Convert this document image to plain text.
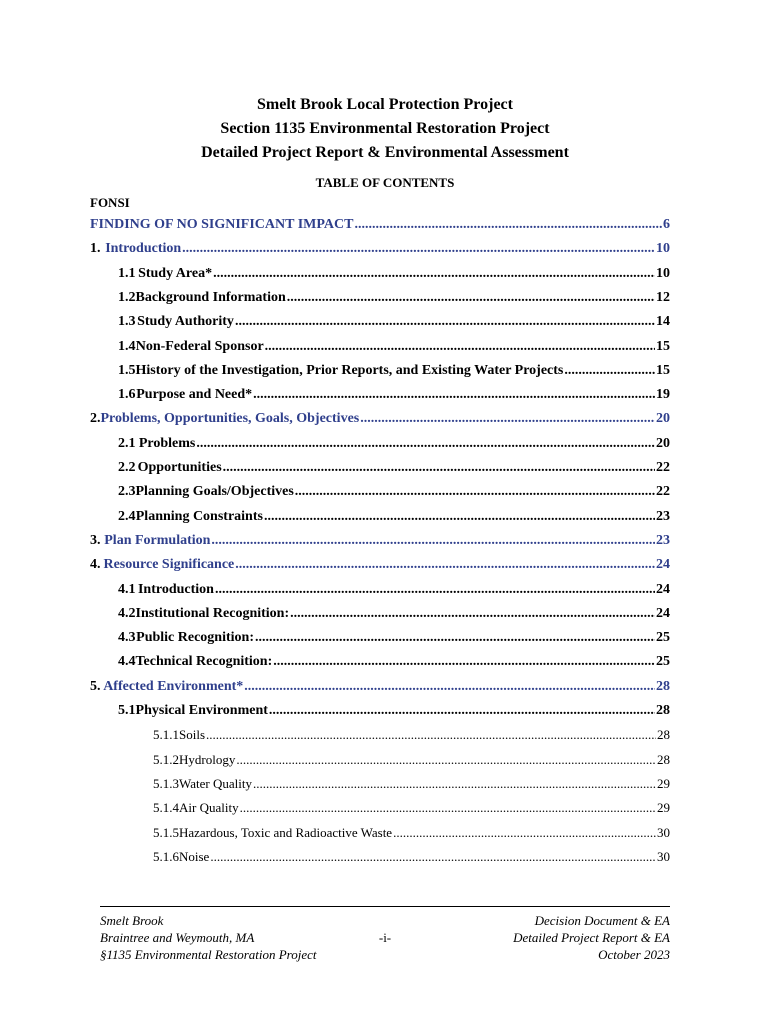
Smelt Brook Local Protection Project
Section 1135 Environmental Restoration Project
Detailed Project Report & Environmental Assessment
TABLE OF CONTENTS
FONSI
FINDING OF NO SIGNIFICANT IMPACT .....	6
1. Introduction .....	10
1.1 Study Area* .....	10
1.2 Background Information .....	12
1.3 Study Authority .....	14
1.4 Non-Federal Sponsor .....	15
1.5 History of the Investigation, Prior Reports, and Existing Water Projects .....	15
1.6 Purpose and Need* .....	19
2. Problems, Opportunities, Goals, Objectives .....	20
2.1 Problems .....	20
2.2 Opportunities .....	22
2.3 Planning Goals/Objectives .....	22
2.4 Planning Constraints .....	23
3. Plan Formulation .....	23
4. Resource Significance .....	24
4.1 Introduction .....	24
4.2 Institutional Recognition: .....	24
4.3 Public Recognition: .....	25
4.4 Technical Recognition: .....	25
5. Affected Environment* .....	28
5.1 Physical Environment .....	28
5.1.1 Soils .....	28
5.1.2 Hydrology .....	28
5.1.3 Water Quality .....	29
5.1.4 Air Quality .....	29
5.1.5 Hazardous, Toxic and Radioactive Waste .....	30
5.1.6 Noise .....	30
Smelt Brook
Braintree and Weymouth, MA
§1135 Environmental Restoration Project
-i-
Decision Document & EA
Detailed Project Report & EA
October 2023
